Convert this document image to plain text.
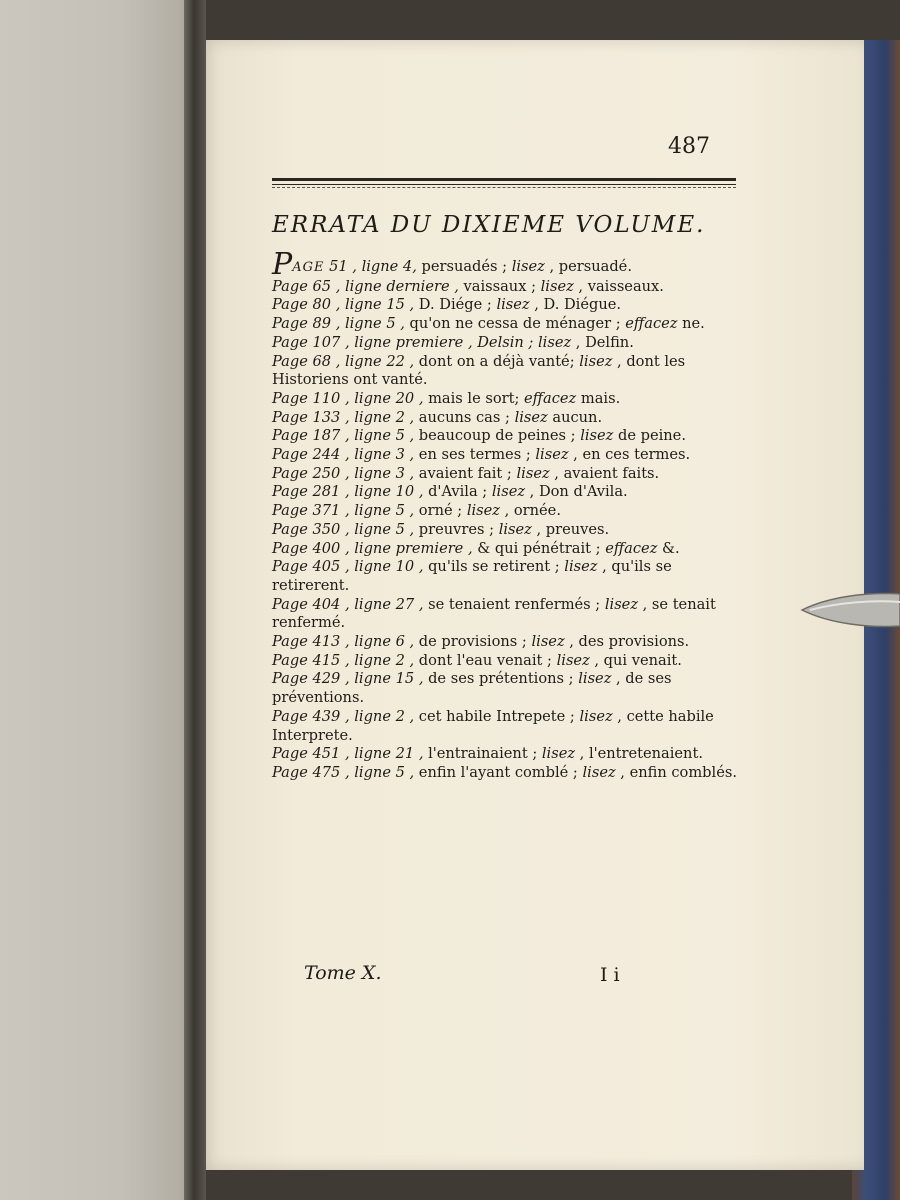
487
ERRATA DU DIXIEME VOLUME.
PAGE 51 , ligne 4, persuadés ; lisez , persuadé.
Page 65 , ligne derniere , vaissaux ; lisez , vaisseaux.
Page 80 , ligne 15 , D. Diége ; lisez , D. Diégue.
Page 89 , ligne 5 , qu'on ne cessa de ménager ; effacez ne.
Page 107 , ligne premiere , Delsin ; lisez , Delfin.
Page 68 , ligne 22 , dont on a déjà vanté; lisez , dont les Historiens ont vanté.
Page 110 , ligne 20 , mais le sort; effacez mais.
Page 133 , ligne 2 , aucuns cas ; lisez aucun.
Page 187 , ligne 5 , beaucoup de peines ; lisez de peine.
Page 244 , ligne 3 , en ses termes ; lisez , en ces termes.
Page 250 , ligne 3 , avaient fait ; lisez , avaient faits.
Page 281 , ligne 10 , d'Avila ; lisez , Don d'Avila.
Page 371 , ligne 5 , orné ; lisez , ornée.
Page 350 , ligne 5 , preuvres ; lisez , preuves.
Page 400 , ligne premiere , & qui pénétrait ; effacez &.
Page 405 , ligne 10 , qu'ils se retirent ; lisez , qu'ils se retirerent.
Page 404 , ligne 27 , se tenaient renfermés ; lisez , se tenait renfermé.
Page 413 , ligne 6 , de provisions ; lisez , des provisions.
Page 415 , ligne 2 , dont l'eau venait ; lisez , qui venait.
Page 429 , ligne 15 , de ses prétentions ; lisez , de ses préventions.
Page 439 , ligne 2 , cet habile Intrepete ; lisez , cette habile Interprete.
Page 451 , ligne 21 , l'entrainaient ; lisez , l'entretenaient.
Page 475 , ligne 5 , enfin l'ayant comblé ; lisez , enfin comblés.
Tome X.	I i
